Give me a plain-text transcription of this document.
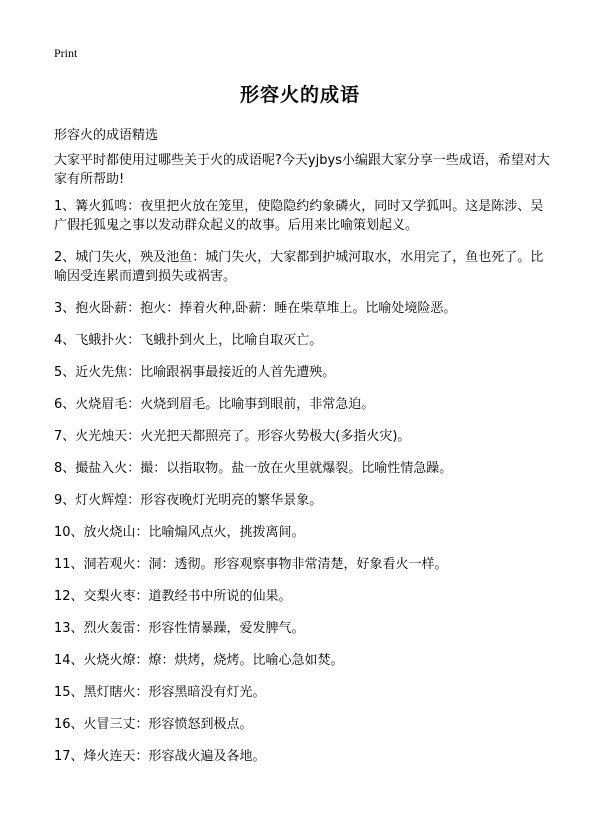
Print
形容火的成语
形容火的成语精选
大家平时都使用过哪些关于火的成语呢?今天yjbys小编跟大家分享一些成语，希望对大家有所帮助!
1、篝火狐鸣：夜里把火放在笼里，使隐隐约约象磷火，同时又学狐叫。这是陈涉、吴广假托狐鬼之事以发动群众起义的故事。后用来比喻策划起义。
2、城门失火，殃及池鱼：城门失火，大家都到护城河取水，水用完了，鱼也死了。比喻因受连累而遭到损失或祸害。
3、抱火卧薪：抱火：捧着火种,卧薪：睡在柴草堆上。比喻处境险恶。
4、飞蛾扑火：飞蛾扑到火上，比喻自取灭亡。
5、近火先焦：比喻跟祸事最接近的人首先遭殃。
6、火烧眉毛：火烧到眉毛。比喻事到眼前，非常急迫。
7、火光烛天：火光把天都照亮了。形容火势极大(多指火灾)。
8、撮盐入火：撮：以指取物。盐一放在火里就爆裂。比喻性情急躁。
9、灯火辉煌：形容夜晚灯光明亮的繁华景象。
10、放火烧山：比喻煽风点火，挑拨离间。
11、洞若观火：洞：透彻。形容观察事物非常清楚，好象看火一样。
12、交梨火枣：道教经书中所说的仙果。
13、烈火轰雷：形容性情暴躁，爱发脾气。
14、火烧火燎：燎：烘烤，烧烤。比喻心急如焚。
15、黑灯瞎火：形容黑暗没有灯光。
16、火冒三丈：形容愤怒到极点。
17、烽火连天：形容战火遍及各地。
